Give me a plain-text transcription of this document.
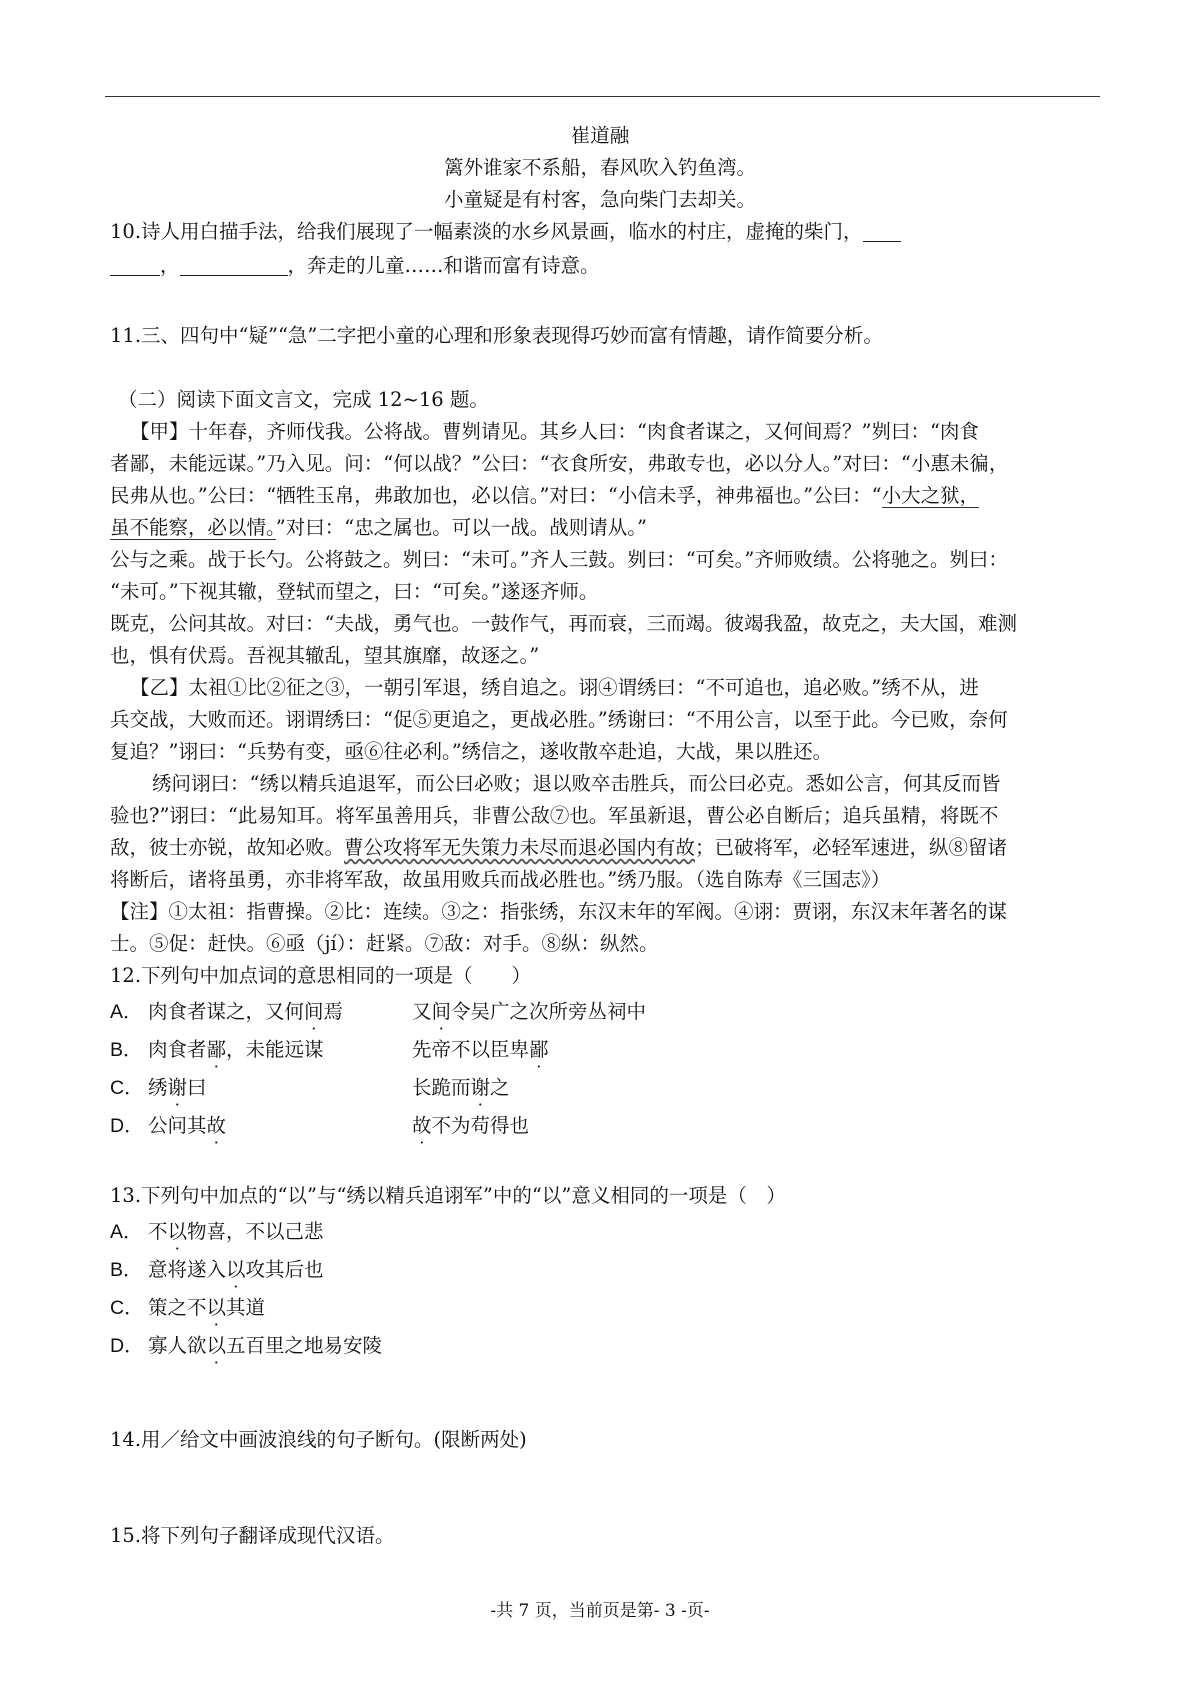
崔道融
篱外谁家不系船，春风吹入钓鱼湾。
小童疑是有村客，急向柴门去却关。
10.诗人用白描手法，给我们展现了一幅素淡的水乡风景画，临水的村庄，虚掩的柴门，
，	，奔走的儿童……和谐而富有诗意。
11.三、四句中“疑”“急”二字把小童的心理和形象表现得巧妙而富有情趣，请作简要分析。
（二）阅读下面文言文，完成 12~16 题。
【甲】十年春，齐师伐我。公将战。曹刿请见。其乡人曰：“肉食者谋之，又何间焉？”刿曰：“肉食
者鄙，未能远谋。”乃入见。问：“何以战？”公曰：“衣食所安，弗敢专也，必以分人。”对曰：“小惠未徧，
民弗从也。”公曰：“牺牲玉帛，弗敢加也，必以信。”对曰：“小信未孚，神弗福也。”公曰：“小大之狱，
虽不能察，必以情。”对曰：“忠之属也。可以一战。战则请从。”
公与之乘。战于长勺。公将鼓之。刿曰：“未可。”齐人三鼓。刿曰：“可矣。”齐师败绩。公将驰之。刿曰：
“未可。”下视其辙，登轼而望之，曰：“可矣。”遂逐齐师。
既克，公问其故。对曰：“夫战，勇气也。一鼓作气，再而衰，三而竭。彼竭我盈，故克之，夫大国，难测
也，惧有伏焉。吾视其辙乱，望其旗靡，故逐之。”
【乙】太祖①比②征之③，一朝引军退，绣自追之。诩④谓绣曰：“不可追也，追必败。”绣不从，进
兵交战，大败而还。诩谓绣曰：“促⑤更追之，更战必胜。”绣谢曰：“不用公言，以至于此。今已败，奈何
复追？”诩曰：“兵势有变，亟⑥往必利。”绣信之，遂收散卒赴追，大战，果以胜还。
绣问诩曰：“绣以精兵追退军，而公曰必败；退以败卒击胜兵，而公曰必克。悉如公言，何其反而皆
验也?”诩曰：“此易知耳。将军虽善用兵，非曹公敌⑦也。军虽新退，曹公必自断后；追兵虽精，将既不
敌，彼士亦锐，故知必败。曹公攻将军无失策力未尽而退必国内有故；已破将军，必轻军速进，纵⑧留诸
将断后，诸将虽勇，亦非将军敌，故虽用败兵而战必胜也。”绣乃服。（选自陈寿《三国志》）
【注】①太祖：指曹操。②比：连续。③之：指张绣，东汉末年的军阀。④诩：贾诩，东汉末年著名的谋
士。⑤促：赶快。⑥亟（jí）：赶紧。⑦敌：对手。⑧纵：纵然。
12.下列句中加点词的意思相同的一项是（　　）
A． 肉食者谋之，又何间焉	又间令吴广之次所旁丛祠中
B． 肉食者鄙，未能远谋	先帝不以臣卑鄙
C． 绣谢曰	长跪而谢之
D． 公问其故	故不为苟得也
13.下列句中加点的“以”与“绣以精兵追诩军”中的“以”意义相同的一项是（　）
A． 不以物喜，不以己悲
B． 意将遂入以攻其后也
C． 策之不以其道
D． 寡人欲以五百里之地易安陵
14.用／给文中画波浪线的句子断句。(限断两处)
15.将下列句子翻译成现代汉语。
-共 7 页，当前页是第- 3 -页-
